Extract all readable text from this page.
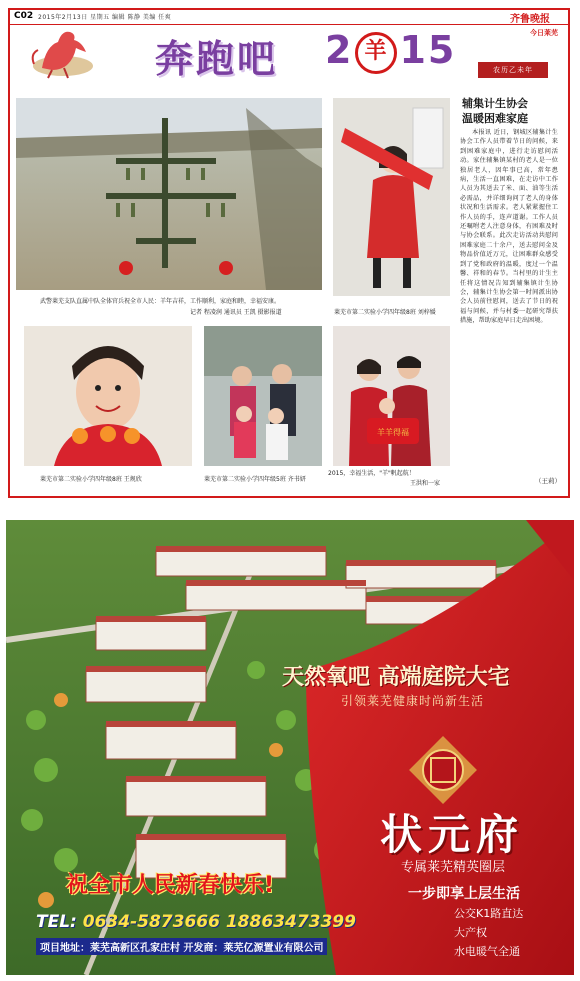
C02 2015年2月13日 星期五 编辑 陈静 美编 任爽	齐鲁晚报
今日莱芜
奔跑吧 2 羊 15	农历乙未年
武警莱芜支队直属中队全体官兵祝全市人民：羊年吉祥，工作顺利，家庭和睦，幸福安康。
记者 程凌润 通讯员 王凯 摄影报道	莱芜市第二实验小学四年级8班 刘梓媛
莱芜市第二实验小学四年级8班 王规欣	莱芜市第二实验小学四年级5班 齐书妍
羊羊得福
2015，幸福生活，"羊"帆起航！
王洪和一家
辅集计生协会
温暖困难家庭
本报讯 近日，钢城区辅集计生协会工作人员带着节日的问候，来到困难家庭中，进行走访慰问活动。家住辅集镇某村的老人是一位独居老人，因年事已高，常年患病，生活一直困难，在走访中工作人员为其送去了米、面、油等生活必需品，并详细询问了老人的身体状况和生活需求。老人紧紧握住工作人员的手，连声道谢。工作人员还嘱咐老人注意身体，有困难及时与协会联系。此次走访活动共慰问困难家庭二十余户，送去慰问金及物品价值近万元，让困难群众感受到了党和政府的温暖，度过一个温馨、祥和的春节。当村里的计生主任将这情况告知到辅集镇计生协会，辅集计生协会第一时间派出协会人员前往慰问，送去了节日的祝福与问候，并与村委一起研究帮扶措施，帮助家庭早日走出困境。
（王莉）
天然氧吧 高端庭院大宅
引领莱芜健康时尚新生活
状元府
专属莱芜精英圈层
一步即享上层生活
公交K1路直达
大产权
水电暖气全通
祝全市人民新春快乐!
TEL: 0634-5873666 18863473399
项目地址：莱芜高新区孔家庄村 开发商：莱芜亿源置业有限公司
